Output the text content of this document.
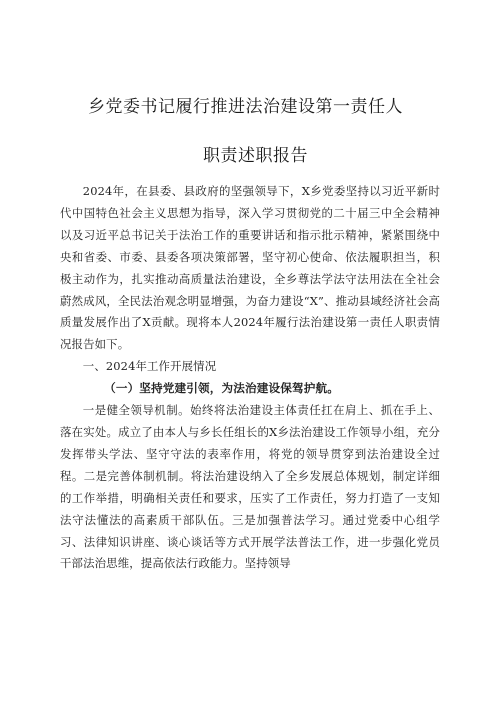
乡党委书记履行推进法治建设第一责任人
职责述职报告

2024年，在县委、县政府的坚强领导下，X乡党委坚持以习近平新时代中国特色社会主义思想为指导，深入学习贯彻党的二十届三中全会精神以及习近平总书记关于法治工作的重要讲话和指示批示精神，紧紧围绕中央和省委、市委、县委各项决策部署，坚守初心使命、依法履职担当，积极主动作为，扎实推动高质量法治建设，全乡尊法学法守法用法在全社会蔚然成风，全民法治观念明显增强，为奋力建设“X”、推动县域经济社会高质量发展作出了X贡献。现将本人2024年履行法治建设第一责任人职责情况报告如下。

一、2024年工作开展情况

（一）坚持党建引领，为法治建设保驾护航。

一是健全领导机制。始终将法治建设主体责任扛在肩上、抓在手上、落在实处。成立了由本人与乡长任组长的X乡法治建设工作领导小组，充分发挥带头学法、坚守守法的表率作用，将党的领导贯穿到法治建设全过程。二是完善体制机制。将法治建设纳入了全乡发展总体规划，制定详细的工作举措，明确相关责任和要求，压实了工作责任，努力打造了一支知法守法懂法的高素质干部队伍。三是加强普法学习。通过党委中心组学习、法律知识讲座、谈心谈话等方式开展学法普法工作，进一步强化党员干部法治思维，提高依法行政能力。坚持领导
